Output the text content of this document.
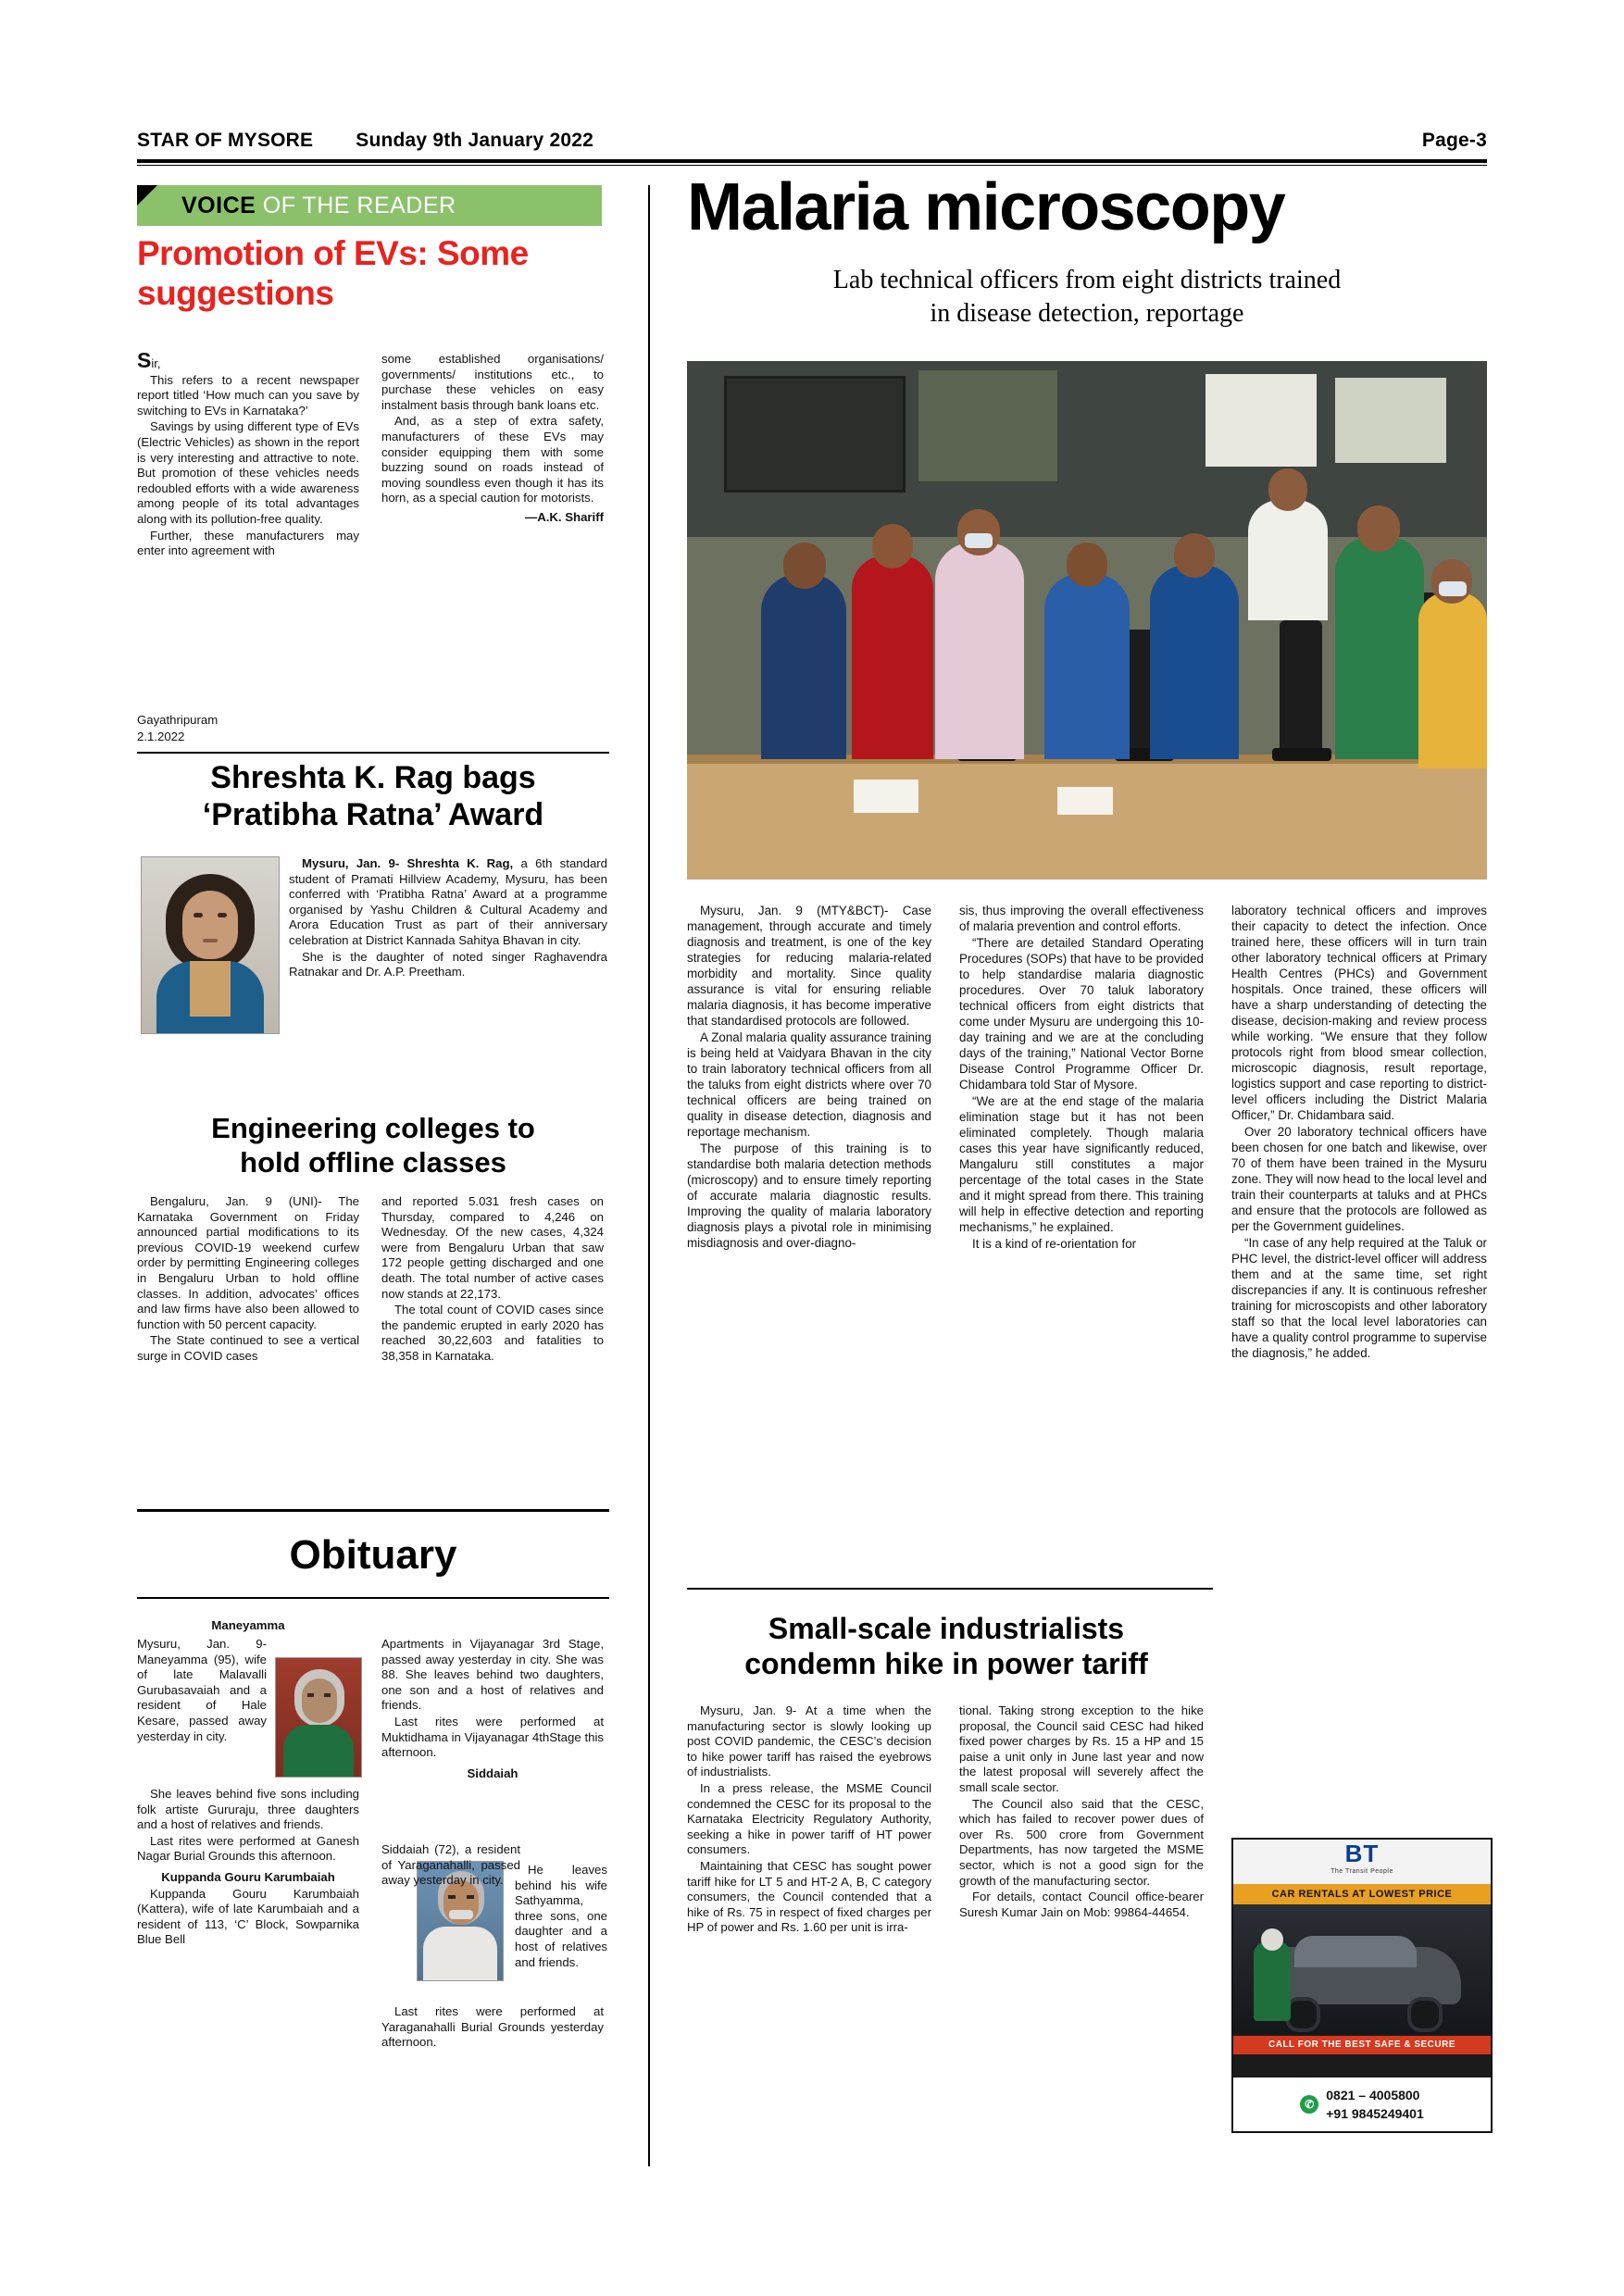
STAR OF MYSORE Sunday 9th January 2022	Page-3
VOICE OF THE READER
Promotion of EVs: Some suggestions

Sir,

This refers to a recent newspaper report titled ‘How much can you save by switching to EVs in Karnataka?’

Savings by using different type of EVs (Electric Vehicles) as shown in the report is very interesting and attractive to note. But promotion of these vehicles needs redoubled efforts with a wide awareness among people of its total advantages along with its pollution-free quality.

Further, these manufacturers may enter into agreement with

some established organisations/ governments/ institutions etc., to purchase these vehicles on easy instalment basis through bank loans etc.

And, as a step of extra safety, manufacturers of these EVs may consider equipping them with some buzzing sound on roads instead of moving soundless even though it has its horn, as a special caution for motorists.

—A.K. Shariff

Gayathripuram

2.1.2022

Shreshta K. Rag bags
‘Pratibha Ratna’ Award

Mysuru, Jan. 9- Shreshta K. Rag, a 6th standard student of Pramati Hillview Academy, Mysuru, has been conferred with ‘Pratibha Ratna’ Award at a programme organised by Yashu Children & Cultural Academy and Arora Education Trust as part of their anniversary celebration at District Kannada Sahitya Bhavan in city.

She is the daughter of noted singer Raghavendra Ratnakar and Dr. A.P. Preetham.

Engineering colleges to
hold offline classes

Bengaluru, Jan. 9 (UNI)- The Karnataka Government on Friday announced partial modifications to its previous COVID-19 weekend curfew order by permitting Engineering colleges in Bengaluru Urban to hold offline classes. In addition, advocates’ offices and law firms have also been allowed to function with 50 percent capacity.

The State continued to see a vertical surge in COVID cases

and reported 5.031 fresh cases on Thursday, compared to 4,246 on Wednesday. Of the new cases, 4,324 were from Bengaluru Urban that saw 172 people getting discharged and one death. The total number of active cases now stands at 22,173.

The total count of COVID cases since the pandemic erupted in early 2020 has reached 30,22,603 and fatalities to 38,358 in Karnataka.

Obituary

Maneyamma

Mysuru, Jan. 9- Maneyamma (95), wife of late Malavalli Gurubasavaiah and a resident of Hale Kesare, passed away yesterday in city.

She leaves behind five sons including folk artiste Gururaju, three daughters and a host of relatives and friends.

Last rites were performed at Ganesh Nagar Burial Grounds this afternoon.

Kuppanda Gouru Karumbaiah

Kuppanda Gouru Karumbaiah (Kattera), wife of late Karumbaiah and a resident of 113, ‘C’ Block, Sowparnika Blue Bell

Apartments in Vijayanagar 3rd Stage, passed away yesterday in city. She was 88. She leaves behind two daughters, one son and a host of relatives and friends.

Last rites were performed at Muktidhama in Vijayanagar 4thStage this afternoon.

Siddaiah

Siddaiah (72), a resident of Yaraganahalli, passed away yesterday in city.

He leaves behind his wife Sathyamma, three sons, one daughter and a host of relatives and friends.

Last rites were performed at Yaraganahalli Burial Grounds yesterday afternoon.

Malaria microscopy
Lab technical officers from eight districts trained
in disease detection, reportage

Mysuru, Jan. 9 (MTY&BCT)- Case management, through accurate and timely diagnosis and treatment, is one of the key strategies for reducing malaria-related morbidity and mortality. Since quality assurance is vital for ensuring reliable malaria diagnosis, it has become imperative that standardised protocols are followed.

A Zonal malaria quality assurance training is being held at Vaidyara Bhavan in the city to train laboratory technical officers from all the taluks from eight districts where over 70 technical officers are being trained on quality in disease detection, diagnosis and reportage mechanism.

The purpose of this training is to standardise both malaria detection methods (microscopy) and to ensure timely reporting of accurate malaria diagnostic results. Improving the quality of malaria laboratory diagnosis plays a pivotal role in minimising misdiagnosis and over-diagno-

sis, thus improving the overall effectiveness of malaria prevention and control efforts.

“There are detailed Standard Operating Procedures (SOPs) that have to be provided to help standardise malaria diagnostic procedures. Over 70 taluk laboratory technical officers from eight districts that come under Mysuru are undergoing this 10-day training and we are at the concluding days of the training,” National Vector Borne Disease Control Programme Officer Dr. Chidambara told Star of Mysore.

“We are at the end stage of the malaria elimination stage but it has not been eliminated completely. Though malaria cases this year have significantly reduced, Mangaluru still constitutes a major percentage of the total cases in the State and it might spread from there. This training will help in effective detection and reporting mechanisms,” he explained.

It is a kind of re-orientation for

laboratory technical officers and improves their capacity to detect the infection. Once trained here, these officers will in turn train other laboratory technical officers at Primary Health Centres (PHCs) and Government hospitals. Once trained, these officers will have a sharp understanding of detecting the disease, decision-making and review process while working. “We ensure that they follow protocols right from blood smear collection, microscopic diagnosis, result reportage, logistics support and case reporting to district-level officers including the District Malaria Officer,” Dr. Chidambara said.

Over 20 laboratory technical officers have been chosen for one batch and likewise, over 70 of them have been trained in the Mysuru zone. They will now head to the local level and train their counterparts at taluks and at PHCs and ensure that the protocols are followed as per the Government guidelines.

“In case of any help required at the Taluk or PHC level, the district-level officer will address them and at the same time, set right discrepancies if any. It is continuous refresher training for microscopists and other laboratory staff so that the local level laboratories can have a quality control programme to supervise the diagnosis,” he added.

Small-scale industrialists
condemn hike in power tariff

Mysuru, Jan. 9- At a time when the manufacturing sector is slowly looking up post COVID pandemic, the CESC’s decision to hike power tariff has raised the eyebrows of industrialists.

In a press release, the MSME Council condemned the CESC for its proposal to the Karnataka Electricity Regulatory Authority, seeking a hike in power tariff of HT power consumers.

Maintaining that CESC has sought power tariff hike for LT 5 and HT-2 A, B, C category consumers, the Council contended that a hike of Rs. 75 in respect of fixed charges per HP of power and Rs. 1.60 per unit is irra-

tional. Taking strong exception to the hike proposal, the Council said CESC had hiked fixed power charges by Rs. 15 a HP and 15 paise a unit only in June last year and now the latest proposal will severely affect the small scale sector.

The Council also said that the CESC, which has failed to recover power dues of over Rs. 500 crore from Government Departments, has now targeted the MSME sector, which is not a good sign for the growth of the manufacturing sector.

For details, contact Council office-bearer Suresh Kumar Jain on Mob: 99864-44654.

BT
The Transit People
CAR RENTALS AT LOWEST PRICE
CALL FOR THE BEST SAFE & SECURE
✆
0821 – 4005800
+91 9845249401
